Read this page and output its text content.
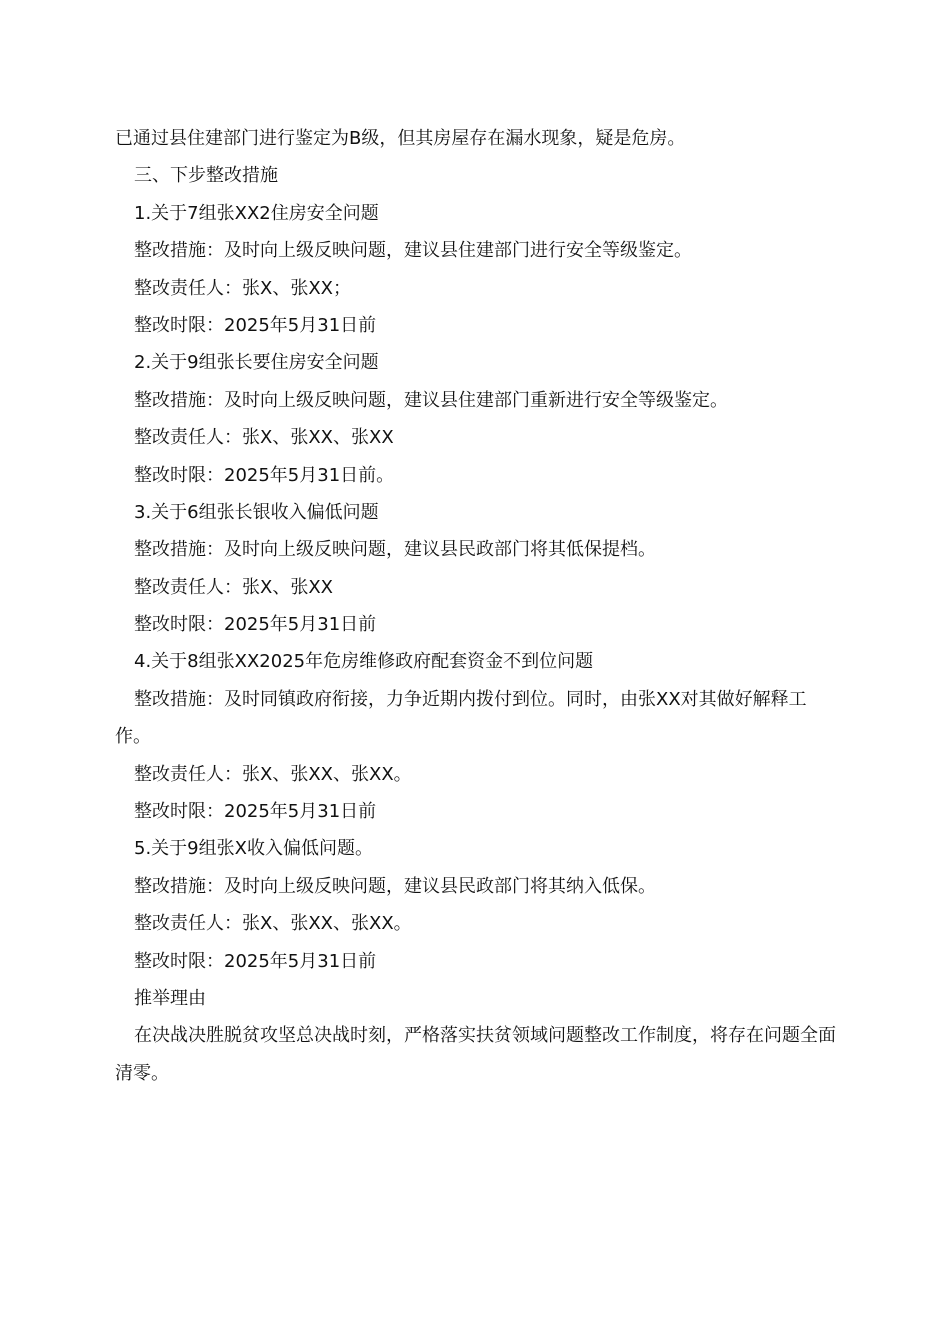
已通过县住建部门进行鉴定为B级，但其房屋存在漏水现象，疑是危房。
三、下步整改措施
1.关于7组张XX2住房安全问题
整改措施：及时向上级反映问题，建议县住建部门进行安全等级鉴定。
整改责任人：张X、张XX；
整改时限：2025年5月31日前
2.关于9组张长要住房安全问题
整改措施：及时向上级反映问题，建议县住建部门重新进行安全等级鉴定。
整改责任人：张X、张XX、张XX
整改时限：2025年5月31日前。
3.关于6组张长银收入偏低问题
整改措施：及时向上级反映问题，建议县民政部门将其低保提档。
整改责任人：张X、张XX
整改时限：2025年5月31日前
4.关于8组张XX2025年危房维修政府配套资金不到位问题
整改措施：及时同镇政府衔接，力争近期内拨付到位。同时，由张XX对其做好解释工作。
整改责任人：张X、张XX、张XX。
整改时限：2025年5月31日前
5.关于9组张X收入偏低问题。
整改措施：及时向上级反映问题，建议县民政部门将其纳入低保。
整改责任人：张X、张XX、张XX。
整改时限：2025年5月31日前
推举理由
在决战决胜脱贫攻坚总决战时刻，严格落实扶贫领域问题整改工作制度，将存在问题全面清零。
